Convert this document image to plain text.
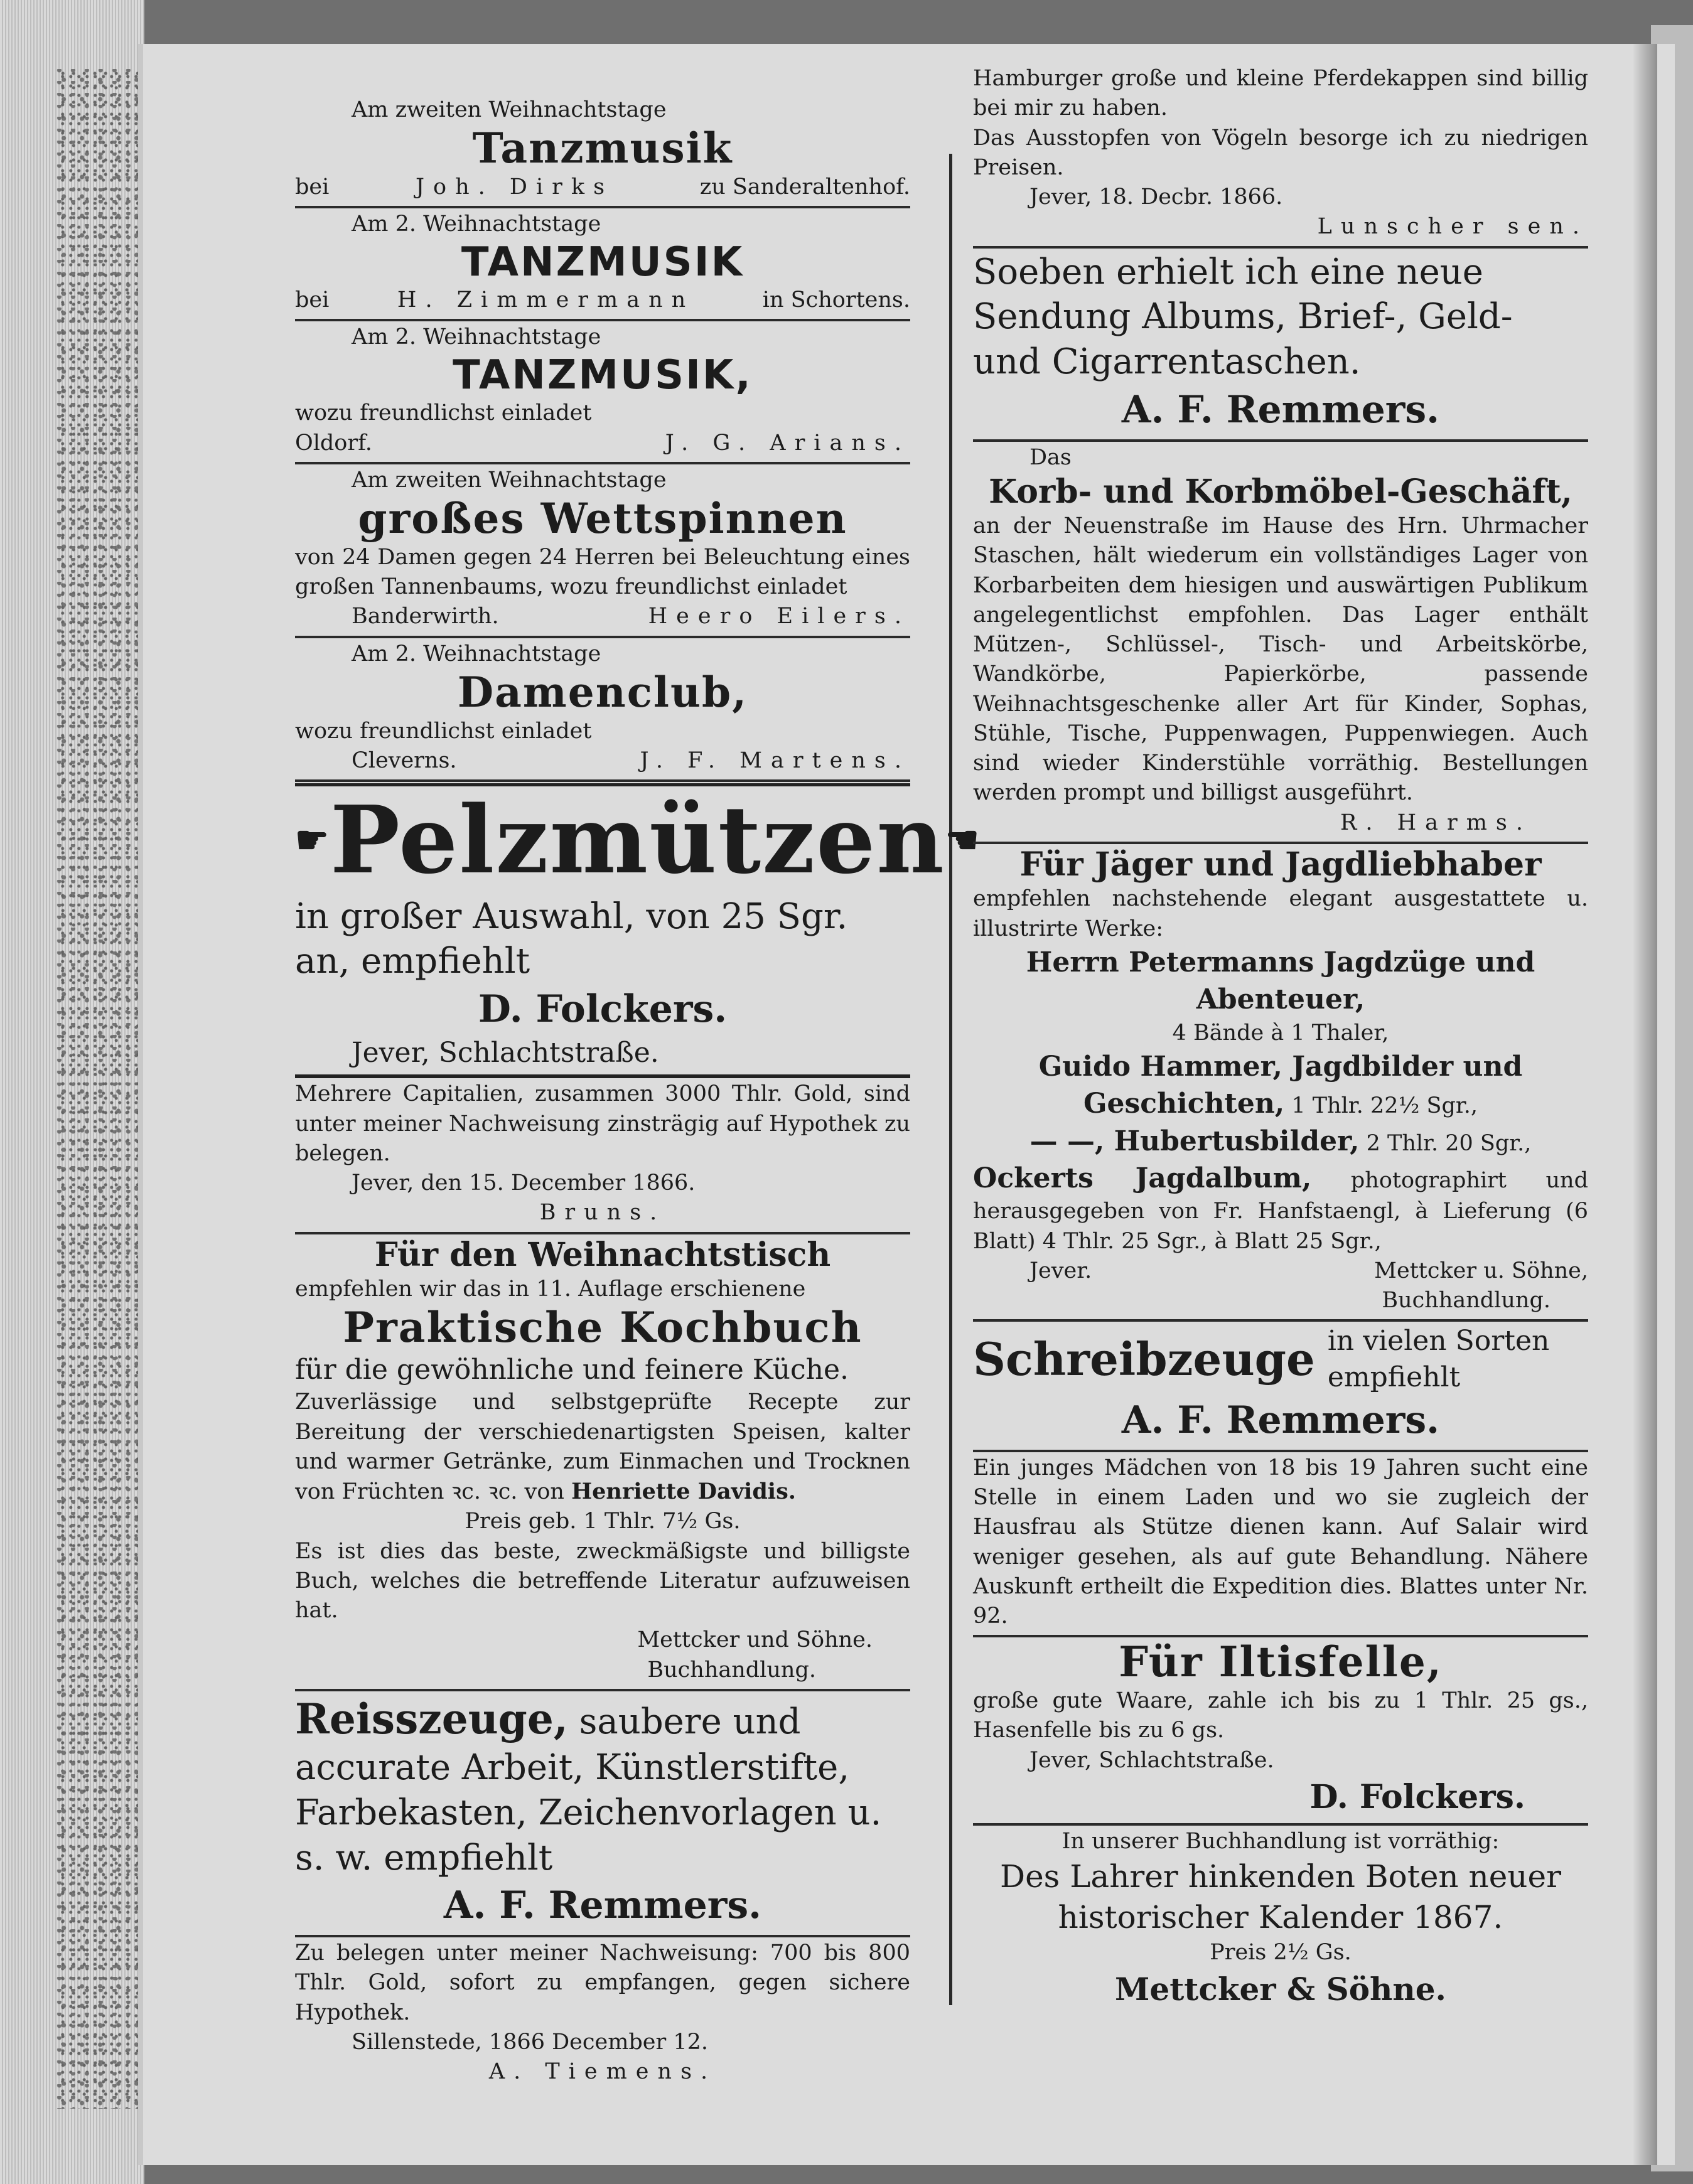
Am zweiten Weihnachtstage
Tanzmusik
bei	Joh. Dirks	zu Sanderaltenhof.
Am 2. Weihnachtstage
TANZMUSIK
bei	H. Zimmermann	in Schortens.
Am 2. Weihnachtstage
TANZMUSIK,
wozu freundlichst einladet
Oldorf.	J. G. Arians.
Am zweiten Weihnachtstage
großes Wettspinnen
von 24 Damen gegen 24 Herren bei Beleuchtung eines großen Tannenbaums, wozu freundlichst einladet
Banderwirth.	Heero Eilers.
Am 2. Weihnachtstage
Damenclub,
wozu freundlichst einladet
Cleverns.	J. F. Martens.
☛ Pelzmützen ☚
in großer Auswahl, von 25 Sgr. an, empfiehlt
D. Folckers.
Jever, Schlachtstraße.
Mehrere Capitalien, zusammen 3000 Thlr. Gold, sind unter meiner Nachweisung zinsträgig auf Hypothek zu belegen.
Jever, den 15. December 1866.
Bruns.
Für den Weihnachtstisch
empfehlen wir das in 11. Auflage erschienene
Praktische Kochbuch
für die gewöhnliche und feinere Küche.
Zuverlässige und selbstgeprüfte Recepte zur Bereitung der verschiedenartigsten Speisen, kalter und warmer Getränke, zum Einmachen und Trocknen von Früchten ꝛc. ꝛc. von Henriette Davidis.
Preis geb. 1 Thlr. 7½ Gs.
Es ist dies das beste, zweckmäßigste und billigste Buch, welches die betreffende Literatur aufzuweisen hat.
Mettcker und Söhne.
Buchhandlung.
Reisszeuge, saubere und accurate Arbeit, Künstlerstifte, Farbekasten, Zeichenvorlagen u. s. w. empfiehlt
A. F. Remmers.
Zu belegen unter meiner Nachweisung: 700 bis 800 Thlr. Gold, sofort zu empfangen, gegen sichere Hypothek.
Sillenstede, 1866 December 12.
A. Tiemens.
Hamburger große und kleine Pferdekappen sind billig bei mir zu haben.
Das Ausstopfen von Vögeln besorge ich zu niedrigen Preisen.
Jever, 18. Decbr. 1866.
Lunscher sen.
Soeben erhielt ich eine neue Sendung Albums, Brief-, Geld- und Cigarrentaschen.
A. F. Remmers.
Das
Korb- und Korbmöbel-Geschäft,
an der Neuenstraße im Hause des Hrn. Uhrmacher Staschen, hält wiederum ein vollständiges Lager von Korbarbeiten dem hiesigen und auswärtigen Publikum angelegentlichst empfohlen. Das Lager enthält Mützen-, Schlüssel-, Tisch- und Arbeitskörbe, Wandkörbe, Papierkörbe, passende Weihnachtsgeschenke aller Art für Kinder, Sophas, Stühle, Tische, Puppenwagen, Puppenwiegen. Auch sind wieder Kinderstühle vorräthig. Bestellungen werden prompt und billigst ausgeführt.
R. Harms.
Für Jäger und Jagdliebhaber
empfehlen nachstehende elegant ausgestattete u. illustrirte Werke:
Herrn Petermanns Jagdzüge und Abenteuer,
4 Bände à 1 Thaler,
Guido Hammer, Jagdbilder und Geschichten, 1 Thlr. 22½ Sgr.,
— —, Hubertusbilder, 2 Thlr. 20 Sgr.,
Ockerts Jagdalbum, photographirt und herausgegeben von Fr. Hanfstaengl, à Lieferung (6 Blatt) 4 Thlr. 25 Sgr., à Blatt 25 Sgr.,
Jever.	Mettcker u. Söhne,
Buchhandlung.
Schreibzeuge in vielen Sorten empfiehlt
A. F. Remmers.
Ein junges Mädchen von 18 bis 19 Jahren sucht eine Stelle in einem Laden und wo sie zugleich der Hausfrau als Stütze dienen kann. Auf Salair wird weniger gesehen, als auf gute Behandlung. Nähere Auskunft ertheilt die Expedition dies. Blattes unter Nr. 92.
Für Iltisfelle,
große gute Waare, zahle ich bis zu 1 Thlr. 25 gs., Hasenfelle bis zu 6 gs.
Jever, Schlachtstraße.
D. Folckers.
In unserer Buchhandlung ist vorräthig:
Des Lahrer hinkenden Boten neuer historischer Kalender 1867.
Preis 2½ Gs.
Mettcker & Söhne.
